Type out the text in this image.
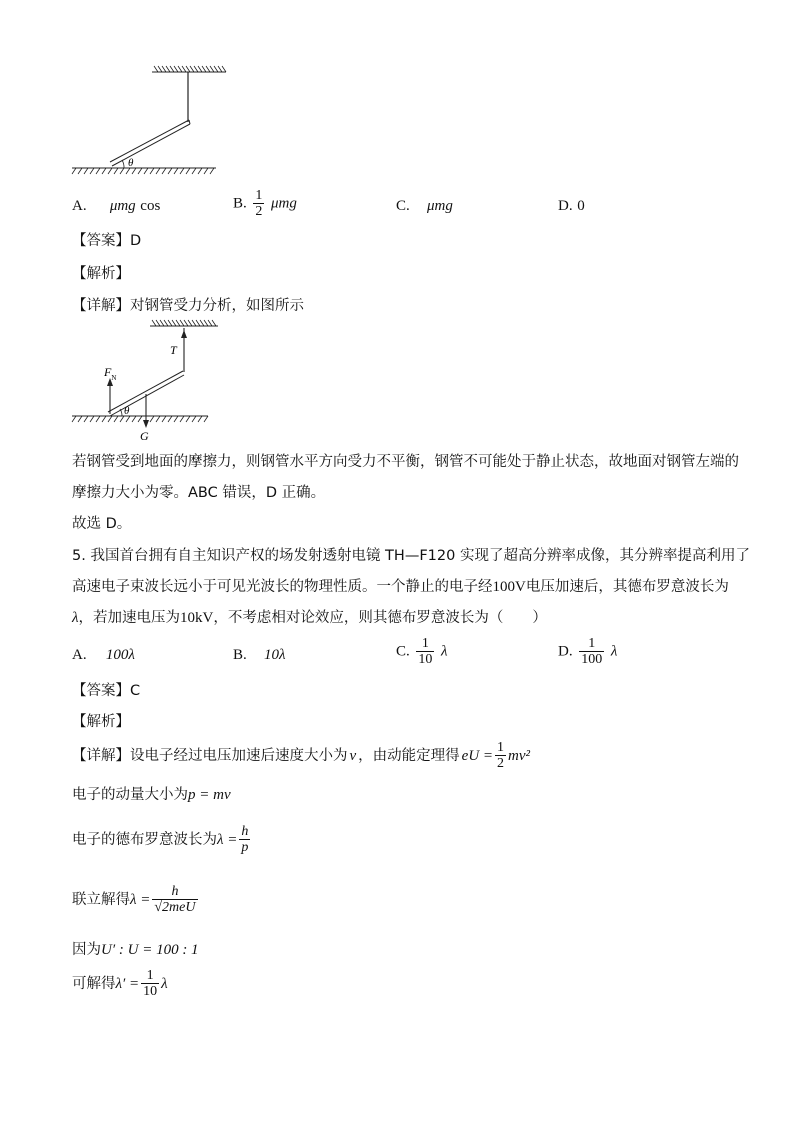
θ
A. μmg cos	B. $\frac{1}{2}$ μmg	C. μmg	D. 0
【答案】D
【解析】
【详解】对钢管受力分析，如图所示
T
$F_N$
G
θ
若钢管受到地面的摩擦力，则钢管水平方向受力不平衡，钢管不可能处于静止状态，故地面对钢管左端的
摩擦力大小为零。ABC 错误，D 正确。
故选 D。
5. 我国首台拥有自主知识产权的场发射透射电镜 TH—F120 实现了超高分辨率成像，其分辨率提高利用了
高速电子束波长远小于可见光波长的物理性质。一个静止的电子经100V电压加速后，其德布罗意波长为
λ，若加速电压为10kV，不考虑相对论效应，则其德布罗意波长为（　　）
A. 100λ	B. 10λ	C. $\frac{1}{10}$ λ	D. $\frac{1}{100}$ λ
【答案】C
【解析】
【详解】 设电子经过电压加速后速度大小为 v ，由动能定理得 eU = $\frac{1}{2} mv^2$
电子的动量大小为p = mv
电子的德布罗意波长为 $\lambda = \frac{h}{p}$
联立解得 $\lambda = \frac{h}{\text{√2meU}}$
因为U′ : U = 100 : 1
可解得 $\lambda' = \frac{1}{10}$ λ
